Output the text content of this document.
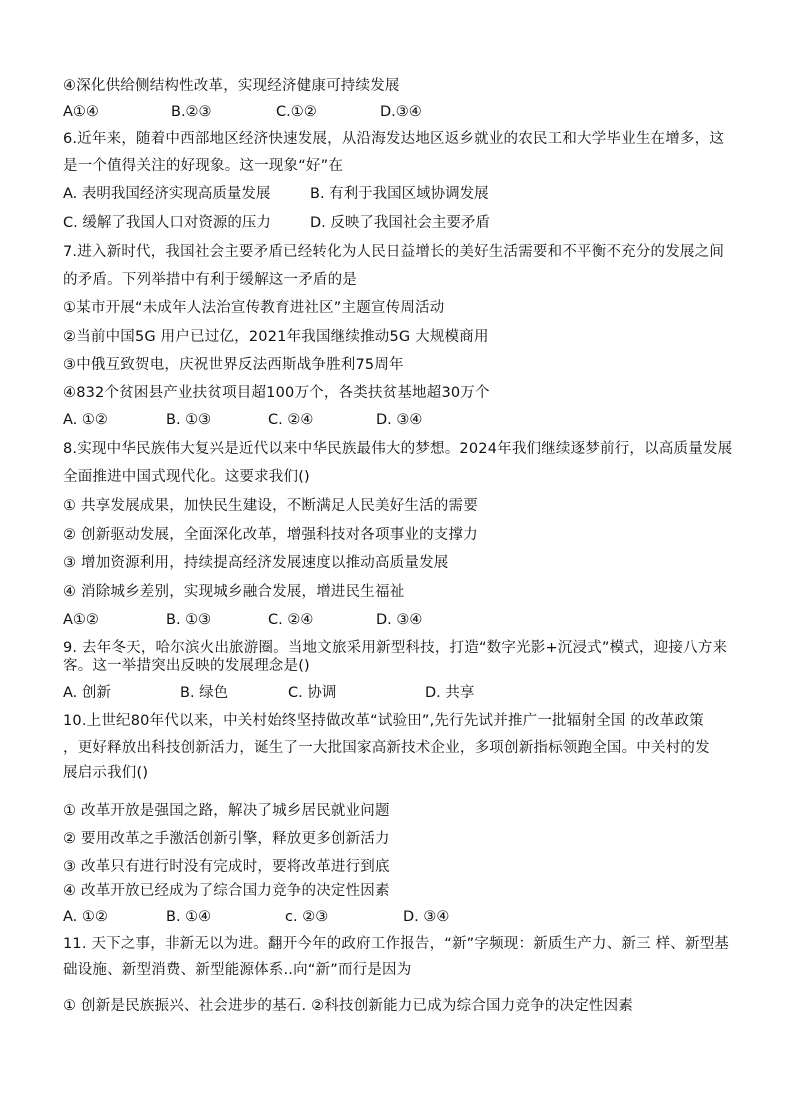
④深化供给侧结构性改革，实现经济健康可持续发展
A①④	B.②③	C.①②	D.③④
6.近年来，随着中西部地区经济快速发展，从沿海发达地区返乡就业的农民工和大学毕业生在增多，这
是一个值得关注的好现象。这一现象“好”在
A. 表明我国经济实现高质量发展	B. 有利于我国区域协调发展
C. 缓解了我国人口对资源的压力	D. 反映了我国社会主要矛盾
7.进入新时代，我国社会主要矛盾已经转化为人民日益增长的美好生活需要和不平衡不充分的发展之间
的矛盾。下列举措中有利于缓解这一矛盾的是
①某市开展“未成年人法治宣传教育进社区”主题宣传周活动
②当前中国5G 用户已过亿，2021年我国继续推动5G 大规模商用
③中俄互致贺电，庆祝世界反法西斯战争胜利75周年
④832个贫困县产业扶贫项目超100万个，各类扶贫基地超30万个
A. ①②	B. ①③	C. ②④	D. ③④
8.实现中华民族伟大复兴是近代以来中华民族最伟大的梦想。2024年我们继续逐梦前行，以高质量发展
全面推进中国式现代化。这要求我们()
① 共享发展成果，加快民生建设，不断满足人民美好生活的需要
② 创新驱动发展，全面深化改革，增强科技对各项事业的支撑力
③ 增加资源利用，持续提高经济发展速度以推动高质量发展
④ 消除城乡差别，实现城乡融合发展，增进民生福祉
A①②	B. ①③	C. ②④	D. ③④
9. 去年冬天，哈尔滨火出旅游圈。当地文旅采用新型科技，打造“数字光影+沉浸式”模式，迎接八方来
客。这一举措突出反映的发展理念是()
A. 创新	B. 绿色	C. 协调	D. 共享
10.上世纪80年代以来，中关村始终坚持做改革“试验田”,先行先试并推广一批辐射全国 的改革政策
，更好释放出科技创新活力，诞生了一大批国家高新技术企业，多项创新指标领跑全国。中关村的发
展启示我们()
① 改革开放是强国之路，解决了城乡居民就业问题
② 要用改革之手激活创新引擎，释放更多创新活力
③ 改革只有进行时没有完成时，要将改革进行到底
④ 改革开放已经成为了综合国力竞争的决定性因素
A. ①②	B. ①④	c. ②③	D. ③④
11. 天下之事，非新无以为进。翻开今年的政府工作报告，“新”字频现：新质生产力、新三 样、新型基
础设施、新型消费、新型能源体系..向“新”而行是因为
① 创新是民族振兴、社会进步的基石. ②科技创新能力已成为综合国力竞争的决定性因素
